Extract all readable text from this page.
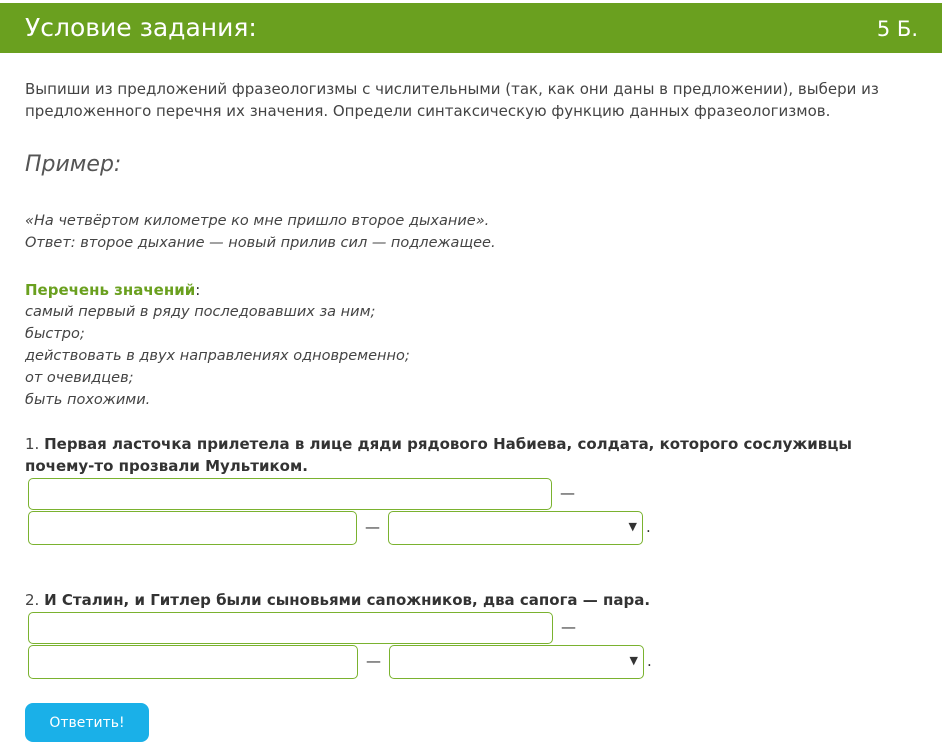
Условие задания:	5 Б.
Выпиши из предложений фразеологизмы с числительными (так, как они даны в предложении), выбери из предложенного перечня их значения. Определи синтаксическую функцию данных фразеологизмов.
Пример:
«На четвёртом километре ко мне пришло второе дыхание».
Ответ: второе дыхание — новый прилив сил — подлежащее.
Перечень значений:
самый первый в ряду последовавших за ним;
быстро;
действовать в двух направлениях одновременно;
от очевидцев;
быть похожими.
1. Первая ласточка прилетела в лице дяди рядового Набиева, солдата, которого сослуживцы почему-то прозвали Мультиком.
—
—	▼ .
2. И Сталин, и Гитлер были сыновьями сапожников, два сапога — пара.
—
—	▼ .
Ответить!
